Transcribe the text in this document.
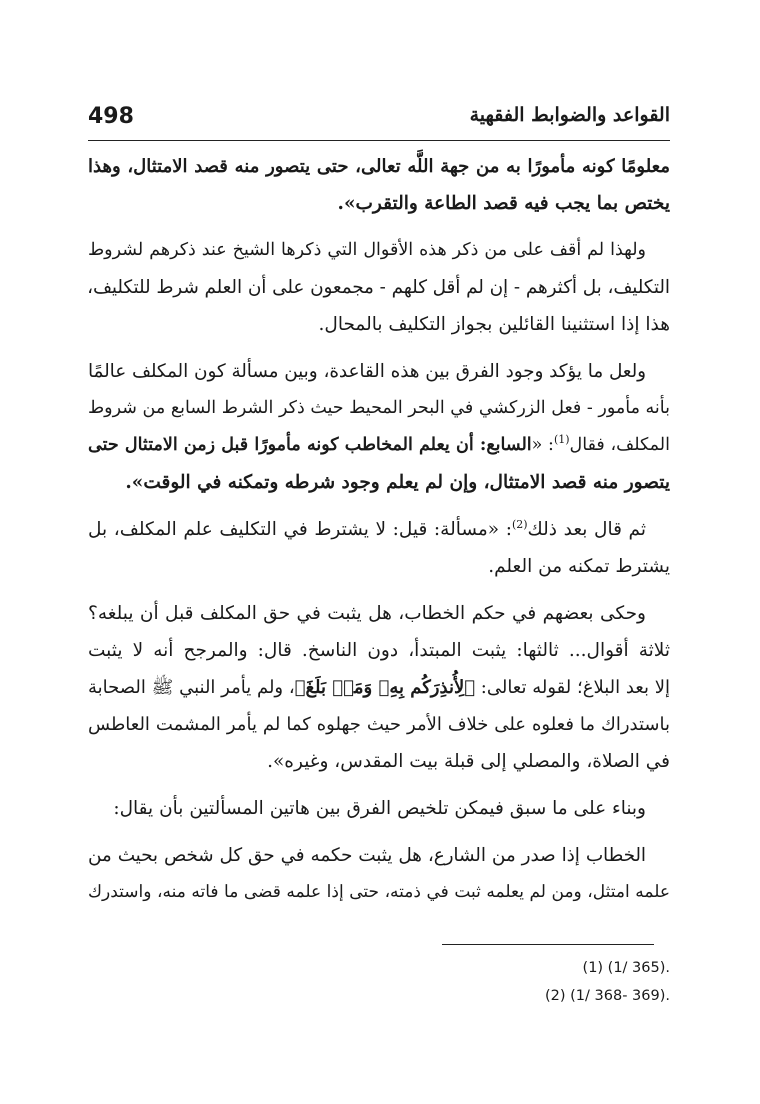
498	القواعد والضوابط الفقهية

معلومًا كونه مأمورًا به من جهة اللَّه تعالى، حتى يتصور منه قصد الامتثال، وهذا
يختص بما يجب فيه قصد الطاعة والتقرب».

ولهذا لم أقف على من ذكر هذه الأقوال التي ذكرها الشيخ عند ذكرهم لشروط
التكليف، بل أكثرهم - إن لم أقل كلهم - مجمعون على أن العلم شرط للتكليف،
هذا إذا استثنينا القائلين بجواز التكليف بالمحال.

ولعل ما يؤكد وجود الفرق بين هذه القاعدة، وبين مسألة كون المكلف عالمًا
بأنه مأمور - فعل الزركشي في البحر المحيط حيث ذكر الشرط السابع من شروط
المكلف، فقال$^{(1)}$: «السابع: أن يعلم المخاطب كونه مأمورًا قبل زمن الامتثال حتى
يتصور منه قصد الامتثال، وإن لم يعلم وجود شرطه وتمكنه في الوقت».

ثم قال بعد ذلك$^{(2)}$: «مسألة: قيل: لا يشترط في التكليف علم المكلف، بل
يشترط تمكنه من العلم.

وحكى بعضهم في حكم الخطاب، هل يثبت في حق المكلف قبل أن يبلغه؟
ثلاثة أقوال... ثالثها: يثبت المبتدأ، دون الناسخ. قال: والمرجح أنه لا يثبت
إلا بعد البلاغ؛ لقوله تعالى: ﴿لِأُنذِرَكُم بِهِۦ وَمَنۢ بَلَغَ﴾، ولم يأمر النبي ﷺ الصحابة
باستدراك ما فعلوه على خلاف الأمر حيث جهلوه كما لم يأمر المشمت العاطس
في الصلاة، والمصلي إلى قبلة بيت المقدس، وغيره».

وبناء على ما سبق فيمكن تلخيص الفرق بين هاتين المسألتين بأن يقال:

الخطاب إذا صدر من الشارع، هل يثبت حكمه في حق كل شخص بحيث من
علمه امتثل، ومن لم يعلمه ثبت في ذمته، حتى إذا علمه قضى ما فاته منه، واستدرك

(1) (1/ 365).
(2) (1/ 368- 369).
